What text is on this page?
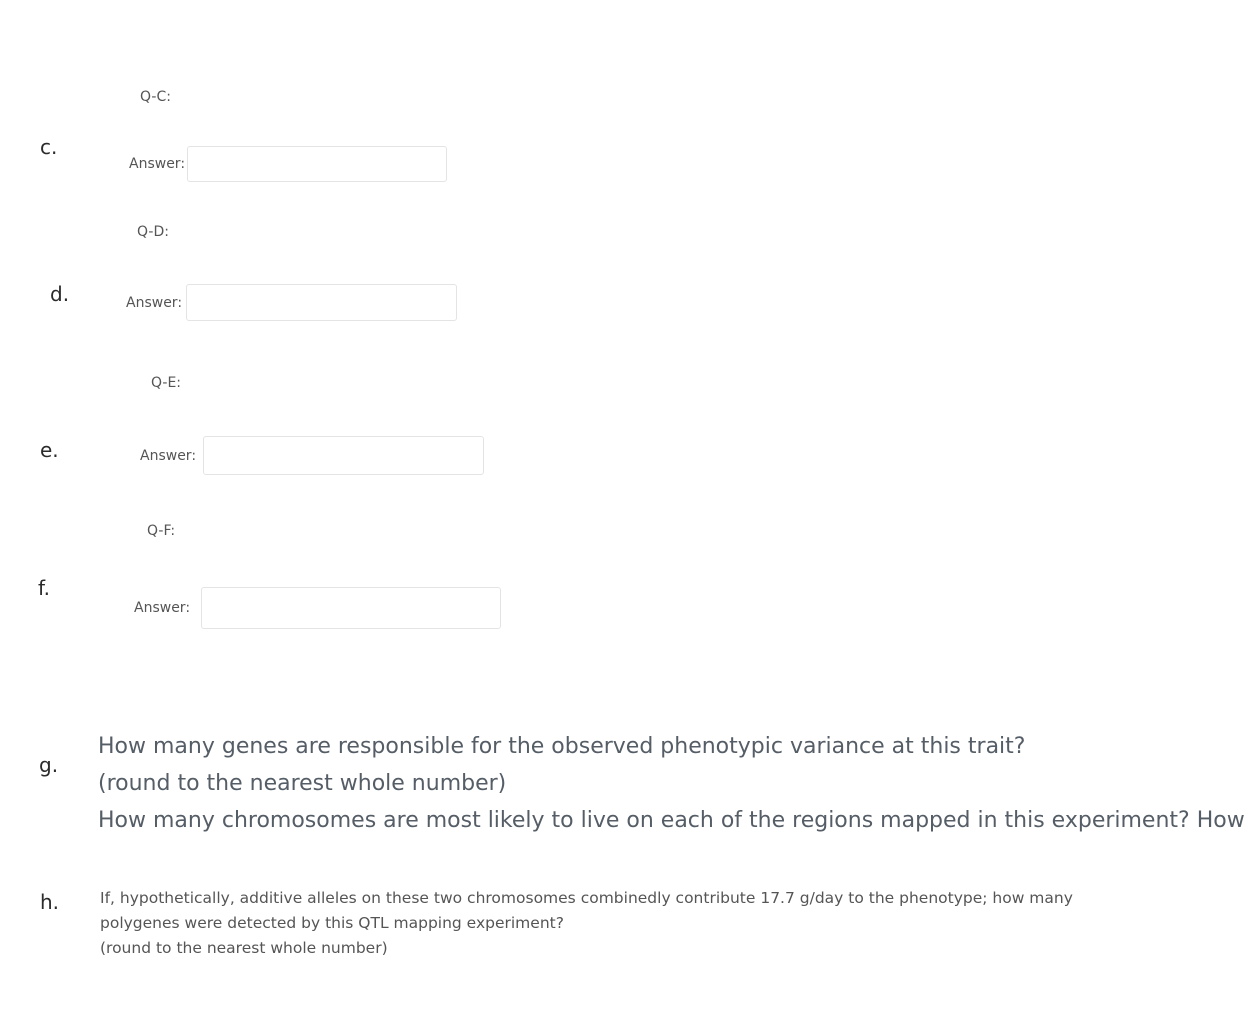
c.
Q-C:
Answer:
d.
Q-D:
Answer:
e.
Q-E:
Answer:
f.
Q-F:
Answer:
g.
How many genes are responsible for the observed phenotypic variance at this trait?
(round to the nearest whole number)
How many chromosomes are most likely to live on each of the regions mapped in this experiment? How
h.	If, hypothetically, additive alleles on these two chromosomes combinedly contribute 17.7 g/day to the phenotype; how many
polygenes were detected by this QTL mapping experiment?
(round to the nearest whole number)
